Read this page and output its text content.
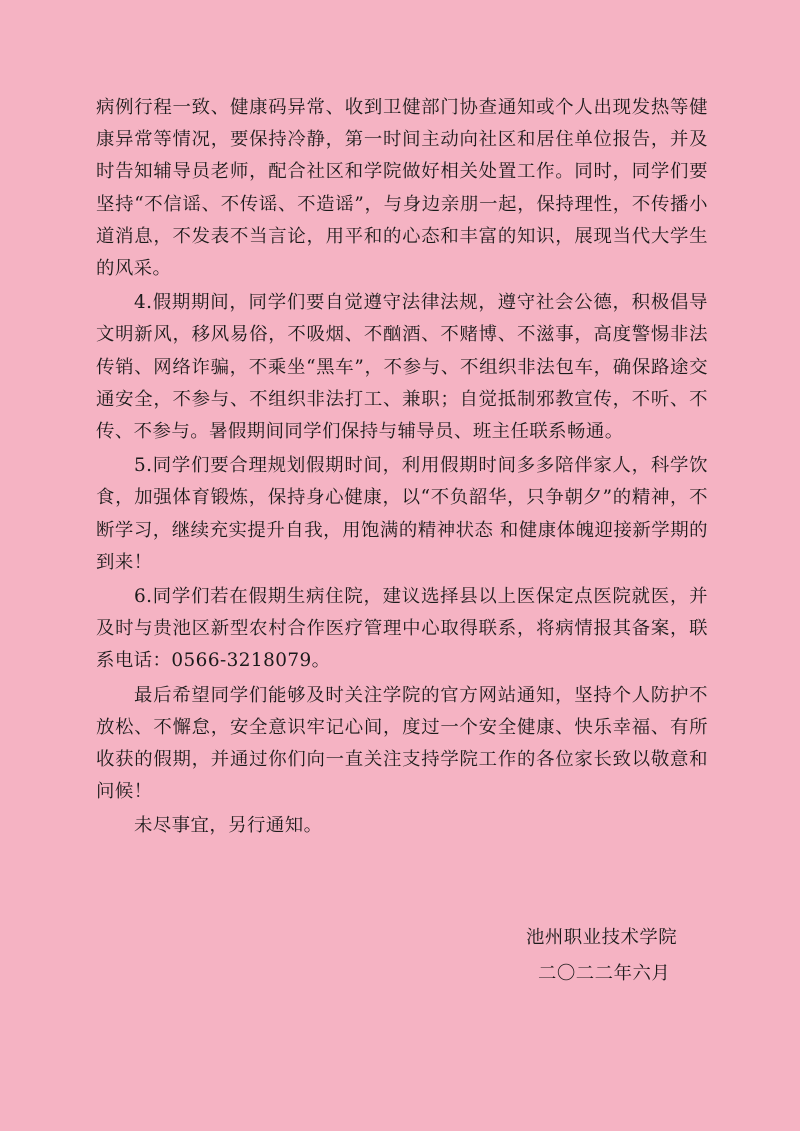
病例行程一致、健康码异常、收到卫健部门协查通知或个人出现发热等健康异常等情况，要保持冷静，第一时间主动向社区和居住单位报告，并及时告知辅导员老师，配合社区和学院做好相关处置工作。同时，同学们要坚持“不信谣、不传谣、不造谣”，与身边亲朋一起，保持理性，不传播小道消息，不发表不当言论，用平和的心态和丰富的知识，展现当代大学生的风采。

4.假期期间，同学们要自觉遵守法律法规，遵守社会公德，积极倡导文明新风，移风易俗，不吸烟、不酗酒、不赌博、不滋事，高度警惕非法传销、网络诈骗，不乘坐“黑车”，不参与、不组织非法包车，确保路途交通安全，不参与、不组织非法打工、兼职；自觉抵制邪教宣传，不听、不传、不参与。暑假期间同学们保持与辅导员、班主任联系畅通。

5.同学们要合理规划假期时间，利用假期时间多多陪伴家人，科学饮食，加强体育锻炼，保持身心健康，以“不负韶华，只争朝夕”的精神，不断学习，继续充实提升自我，用饱满的精神状态 和健康体魄迎接新学期的到来！

6.同学们若在假期生病住院，建议选择县以上医保定点医院就医，并及时与贵池区新型农村合作医疗管理中心取得联系，将病情报其备案，联系电话：0566-3218079。

最后希望同学们能够及时关注学院的官方网站通知，坚持个人防护不放松、不懈怠，安全意识牢记心间，度过一个安全健康、快乐幸福、有所收获的假期，并通过你们向一直关注支持学院工作的各位家长致以敬意和问候！

未尽事宜，另行通知。

池州职业技术学院
二〇二二年六月
